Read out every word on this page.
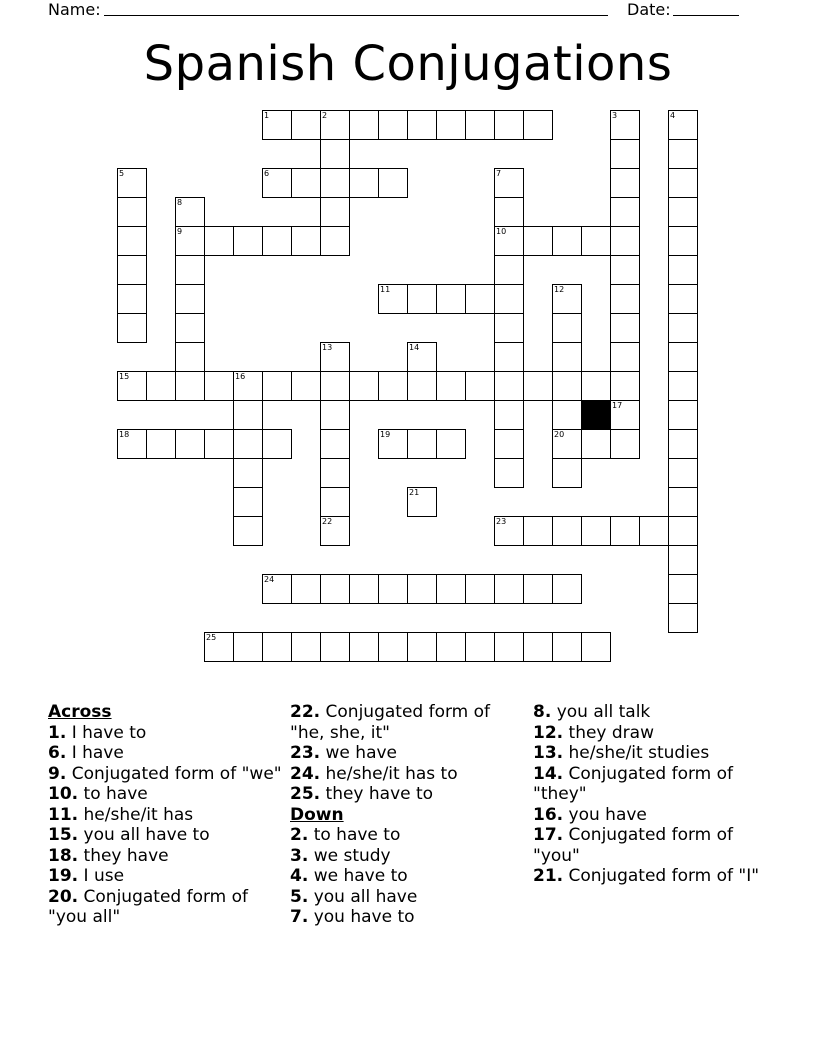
Name:	Date:
Spanish Conjugations
1	2	3	4
5	6	7
10
8
9
11	12
20
13
22
14
15	16
17
18	19
21
23
24
25
Across
1. I have to
6. I have
9. Conjugated form of "we"
10. to have
11. he/she/it has
15. you all have to
18. they have
19. I use
20. Conjugated form of "you all"
22. Conjugated form of "he, she, it"
23. we have
24. he/she/it has to
25. they have to
Down
2. to have to
3. we study
4. we have to
5. you all have
7. you have to
8. you all talk
12. they draw
13. he/she/it studies
14. Conjugated form of "they"
16. you have
17. Conjugated form of "you"
21. Conjugated form of "I"
